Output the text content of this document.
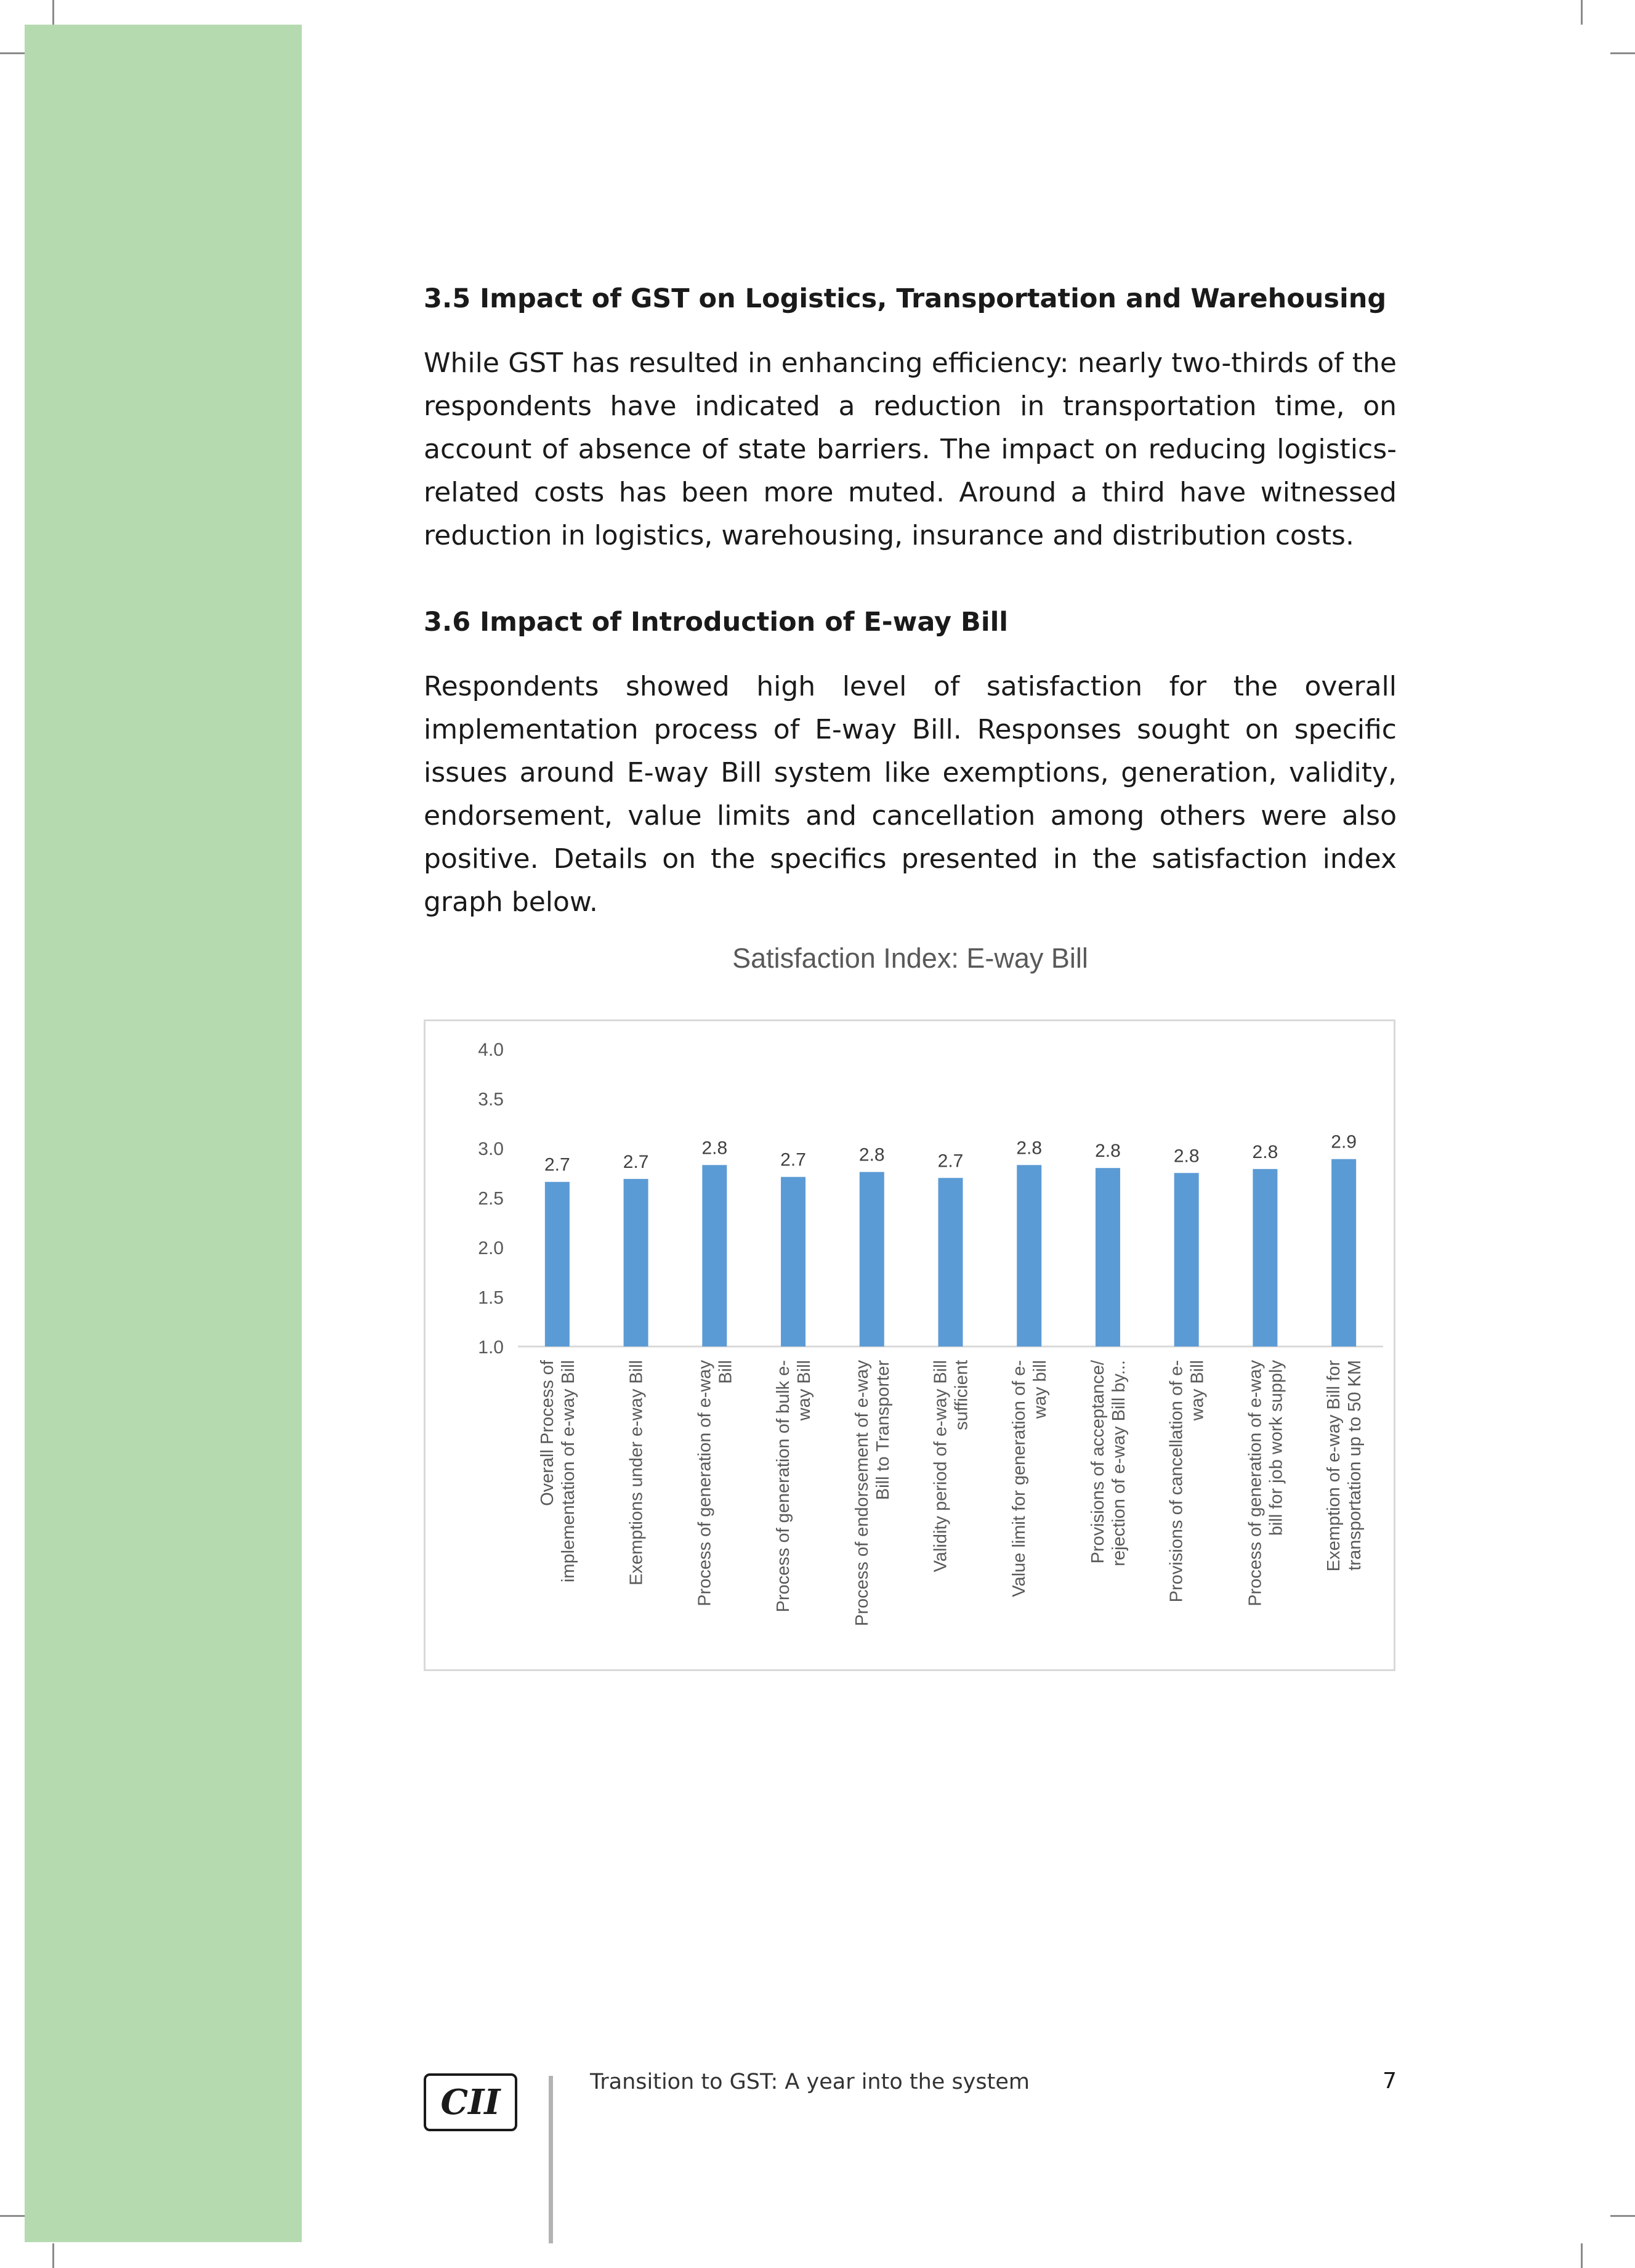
3.5 Impact of GST on Logistics, Transportation and Warehousing

While GST has resulted in enhancing efficiency: nearly two-thirds of the respondents have indicated a reduction in transportation time, on account of absence of state barriers. The impact on reducing logistics-related costs has been more muted. Around a third have witnessed reduction in logistics, warehousing, insurance and distribution costs.

3.6 Impact of Introduction of E-way Bill

Respondents showed high level of satisfaction for the overall implementation process of E-way Bill. Responses sought on specific issues around E-way Bill system like exemptions, generation, validity, endorsement, value limits and cancellation among others were also positive. Details on the specifics presented in the satisfaction index graph below.

Satisfaction Index: E-way Bill
1.0
1.5
2.0
2.5
3.0
3.5
4.0
2.7
Overall Process ofimplementation of e-way Bill
2.7
Exemptions under e-way Bill
2.8
Process of generation of e-wayBill
2.7
Process of generation of bulk e-way Bill
2.8
Process of endorsement of e-wayBill to Transporter
2.7
Validity period of e-way Billsufficient
2.8
Value limit for generation of e-way bill
2.8
Provisions of acceptance/rejection of e-way Bill by...
2.8
Provisions of cancellation of e-way Bill
2.8
Process of generation of e-waybill for job work supply
2.9
Exemption of e-way Bill fortransportation up to 50 KM
CII	Transition to GST: A year into the system	7
